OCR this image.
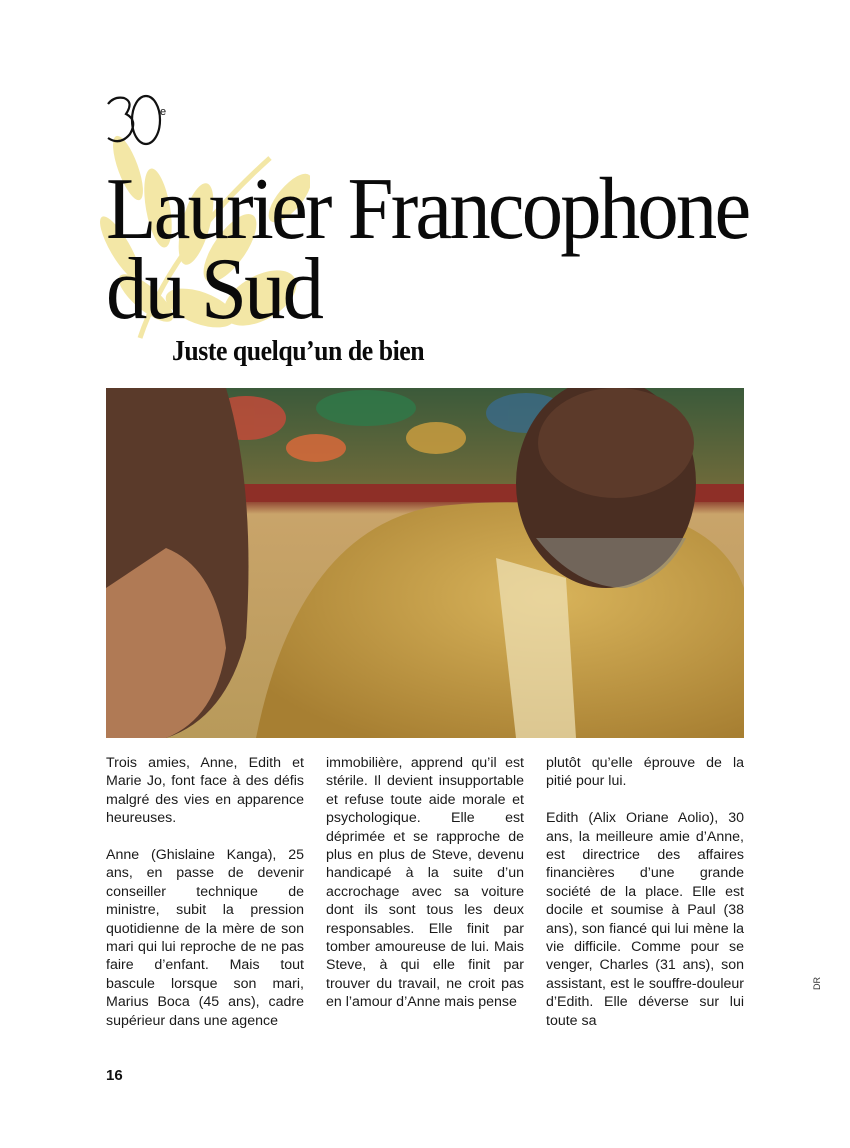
e
Laurier Francophone
du Sud
Juste quelqu’un de bien

Trois amies, Anne, Edith et Marie Jo, font face à des défis malgré des vies en apparence heureuses.

Anne (Ghislaine Kanga), 25 ans, en passe de devenir conseiller technique de ministre, subit la pression quotidienne de la mère de son mari qui lui reproche de ne pas faire d’enfant. Mais tout bascule lorsque son mari, Marius Boca (45 ans), cadre supérieur dans une agence

immobilière, apprend qu’il est stérile. Il devient insupportable et refuse toute aide morale et psychologique. Elle est déprimée et se rapproche de plus en plus de Steve, devenu handicapé à la suite d’un accrochage avec sa voiture dont ils sont tous les deux responsables. Elle finit par tomber amoureuse de lui. Mais Steve, à qui elle finit par trouver du travail, ne croit pas en l’amour d’Anne mais pense

plutôt qu’elle éprouve de la pitié pour lui.

Edith (Alix Oriane Aolio), 30 ans, la meilleure amie d’Anne, est directrice des affaires financières d’une grande société de la place. Elle est docile et soumise à Paul (38 ans), son fiancé qui lui mène la vie difficile. Comme pour se venger, Charles (31 ans), son assistant, est le souffre-douleur d’Edith. Elle déverse sur lui toute sa

DR
16
